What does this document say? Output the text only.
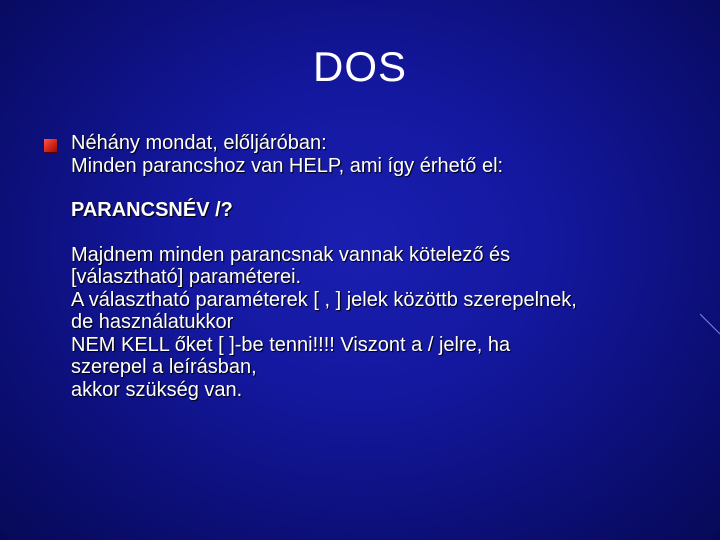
DOS
Néhány mondat, előljáróban:
Minden parancshoz van HELP, ami így érhető el:
PARANCSNÉV /?
Majdnem minden parancsnak vannak kötelező és
[választható] paraméterei.
A választható paraméterek [ , ] jelek közöttb szerepelnek,
de használatukkor
NEM KELL őket [ ]-be tenni!!!! Viszont a / jelre, ha
szerepel a leírásban,
akkor szükség van.
